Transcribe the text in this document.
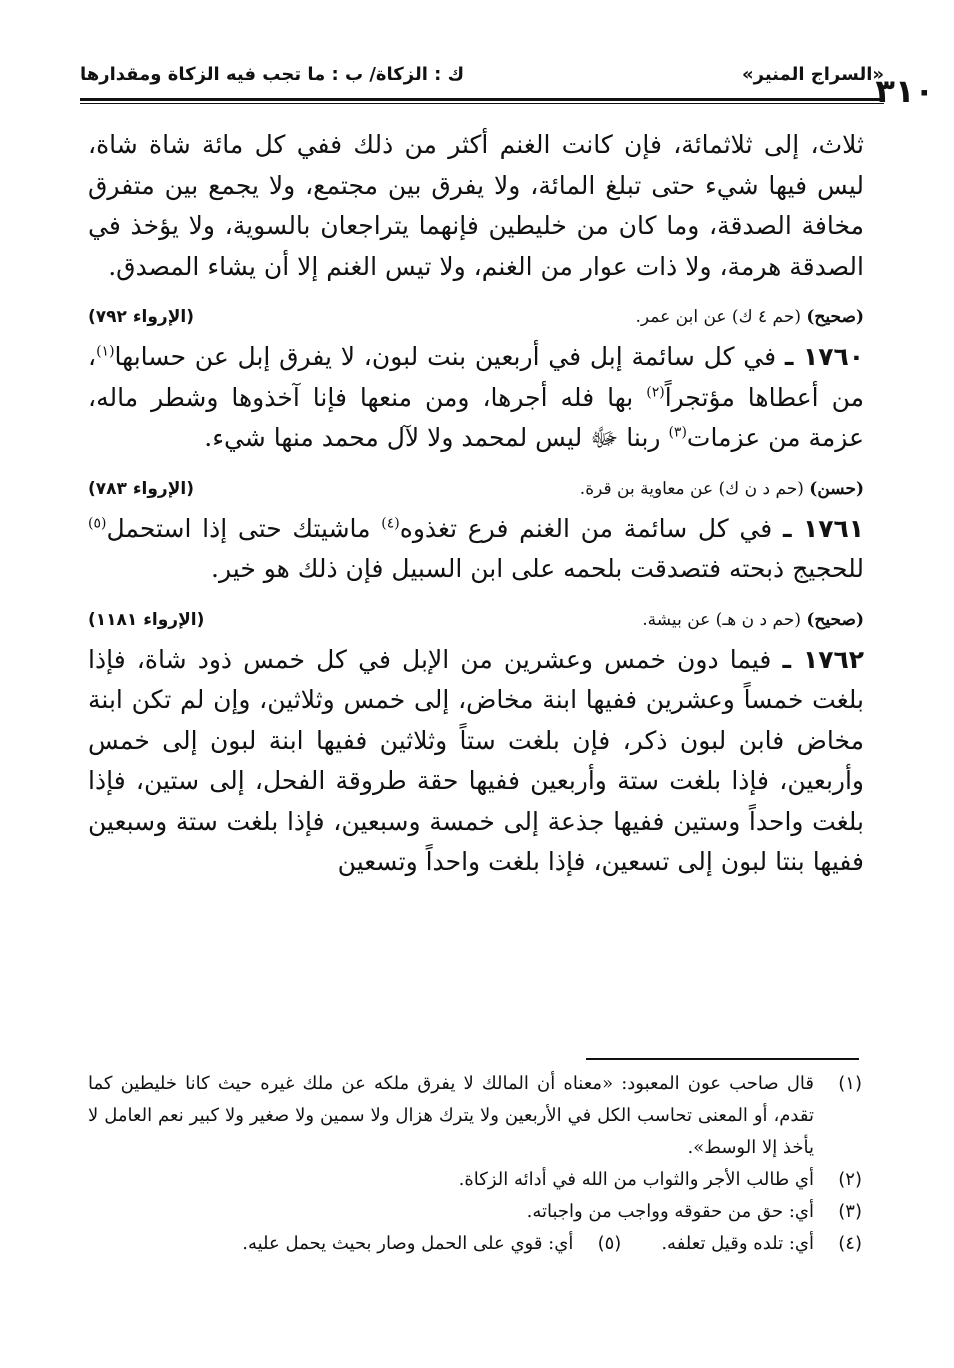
٣١٠
«السراج المنير»
ك : الزكاة/ ب : ما تجب فيه الزكاة ومقدارها

ثلاث، إلى ثلاثمائة، فإن كانت الغنم أكثر من ذلك ففي كل مائة شاة شاة، ليس فيها شيء حتى تبلغ المائة، ولا يفرق بين مجتمع، ولا يجمع بين متفرق مخافة الصدقة، وما كان من خليطين فإنهما يتراجعان بالسوية، ولا يؤخذ في الصدقة هرمة، ولا ذات عوار من الغنم، ولا تيس الغنم إلا أن يشاء المصدق.

(صحيح) (حم ٤ ك) عن ابن عمر.
(الإرواء ٧٩٢)

١٧٦٠ ـ في كل سائمة إبل في أربعين بنت لبون، لا يفرق إبل عن حسابها$^{(١)}$، من أعطاها مؤتجراً$^{(٢)}$ بها فله أجرها، ومن منعها فإنا آخذوها وشطر ماله، عزمة من عزمات$^{(٣)}$ ربنا ﷻ ليس لمحمد ولا لآل محمد منها شيء.

(حسن) (حم د ن ك) عن معاوية بن قرة.
(الإرواء ٧٨٣)

١٧٦١ ـ في كل سائمة من الغنم فرع تغذوه$^{(٤)}$ ماشيتك حتى إذا استحمل$^{(٥)}$ للحجيج ذبحته فتصدقت بلحمه على ابن السبيل فإن ذلك هو خير.

(صحيح) (حم د ن هـ) عن بيشة.
(الإرواء ١١٨١)

١٧٦٢ ـ فيما دون خمس وعشرين من الإبل في كل خمس ذود شاة، فإذا بلغت خمساً وعشرين ففيها ابنة مخاض، إلى خمس وثلاثين، وإن لم تكن ابنة مخاض فابن لبون ذكر، فإن بلغت ستاً وثلاثين ففيها ابنة لبون إلى خمس وأربعين، فإذا بلغت ستة وأربعين ففيها حقة طروقة الفحل، إلى ستين، فإذا بلغت واحداً وستين ففيها جذعة إلى خمسة وسبعين، فإذا بلغت ستة وسبعين ففيها بنتا لبون إلى تسعين، فإذا بلغت واحداً وتسعين

(١)
قال صاحب عون المعبود: «معناه أن المالك لا يفرق ملكه عن ملك غيره حيث كانا خليطين كما تقدم، أو المعنى تحاسب الكل في الأربعين ولا يترك هزال ولا سمين ولا صغير ولا كبير نعم العامل لا يأخذ إلا الوسط».
(٢)
أي طالب الأجر والثواب من الله في أدائه الزكاة.
(٣)
أي: حق من حقوقه وواجب من واجباته.
(٤)
أي: تلده وقيل تعلفه.
(٥)
أي: قوي على الحمل وصار بحيث يحمل عليه.
